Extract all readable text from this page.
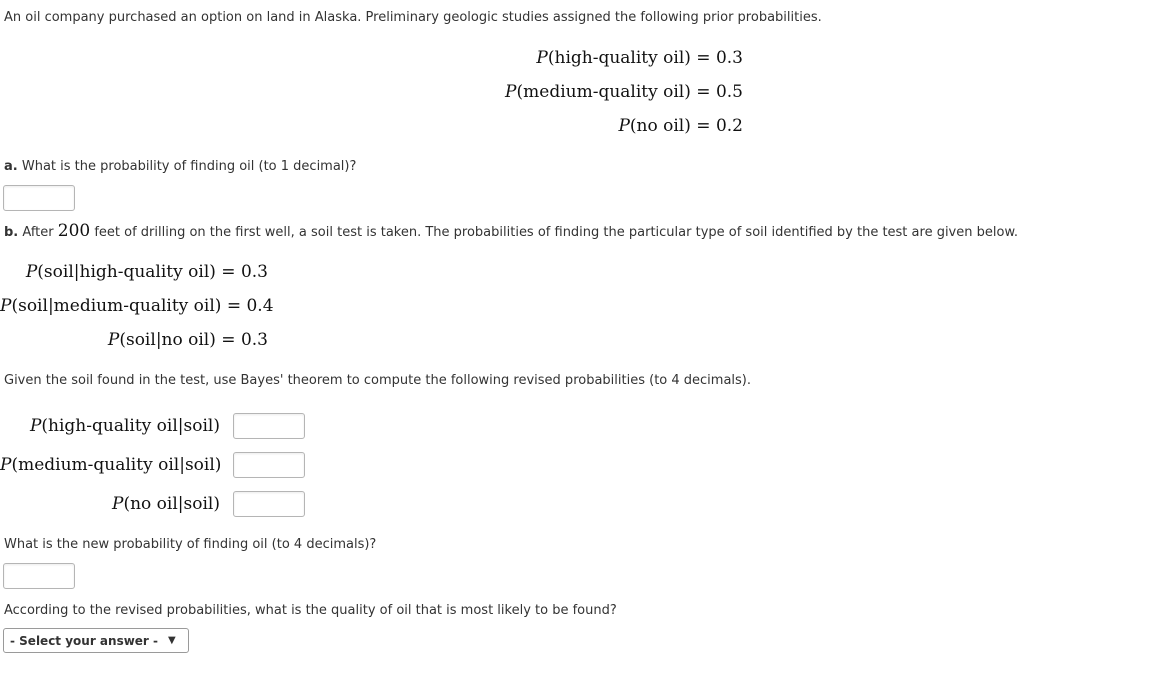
An oil company purchased an option on land in Alaska. Preliminary geologic studies assigned the following prior probabilities.
P(high-quality oil) = 0.3
P(medium-quality oil) = 0.5
P(no oil) = 0.2
a. What is the probability of finding oil (to 1 decimal)?
b. After 200 feet of drilling on the first well, a soil test is taken. The probabilities of finding the particular type of soil identified by the test are given below.
P(soil|high-quality oil) = 0.3
P(soil|medium-quality oil) = 0.4
P(soil|no oil) = 0.3
Given the soil found in the test, use Bayes' theorem to compute the following revised probabilities (to 4 decimals).
P(high-quality oil|soil)
P(medium-quality oil|soil)
P(no oil|soil)
What is the new probability of finding oil (to 4 decimals)?
According to the revised probabilities, what is the quality of oil that is most likely to be found?
- Select your answer - ▼
